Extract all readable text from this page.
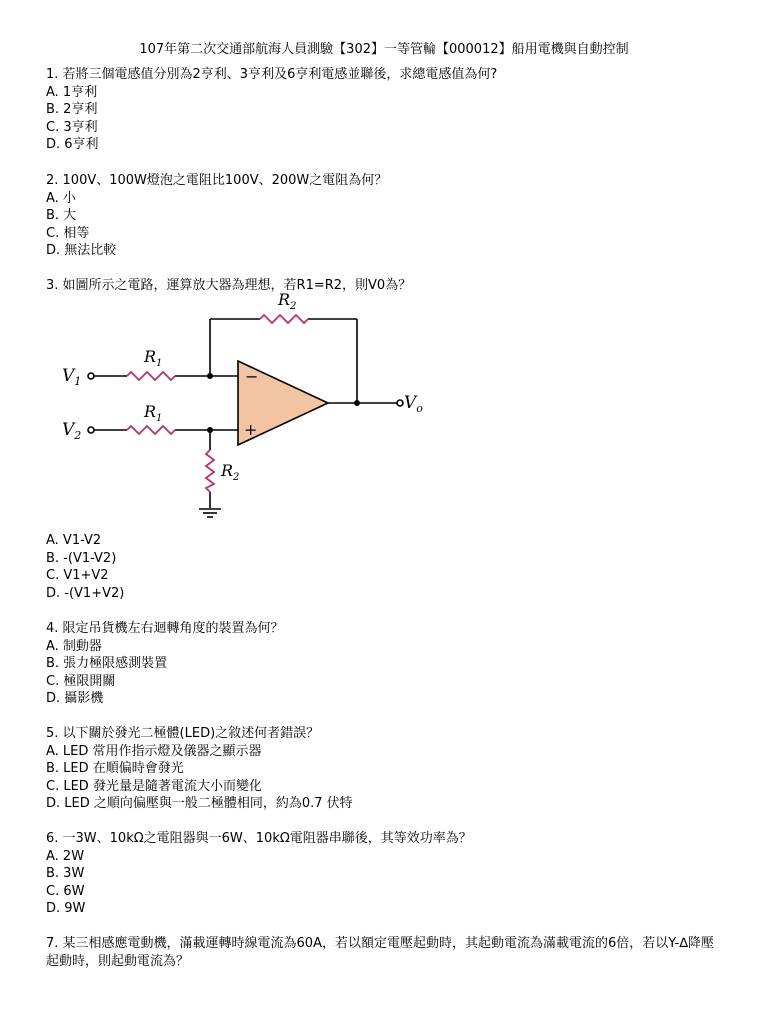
107年第二次交通部航海人員測驗【302】一等管輪【000012】船用電機與自動控制
1. 若將三個電感值分別為2亨利、3亨利及6亨利電感並聯後，求總電感值為何?
A. 1亨利
B. 2亨利
C. 3亨利
D. 6亨利
2. 100V、100W燈泡之電阻比100V、200W之電阻為何？
A. 小
B. 大
C. 相等
D. 無法比較
3. 如圖所示之電路，運算放大器為理想，若R1=R2，則V0為？
$V_1$
$V_2$
$V_o$
$R_1$
$R_1$
$R_2$
$R_2$
−
+
A. V1-V2
B. -(V1-V2)
C. V1+V2
D. -(V1+V2)
4. 限定吊貨機左右迴轉角度的裝置為何？
A. 制動器
B. 張力極限感測裝置
C. 極限開關
D. 攝影機
5. 以下關於發光二極體(LED)之敘述何者錯誤？
A. LED 常用作指示燈及儀器之顯示器
B. LED 在順偏時會發光
C. LED 發光量是隨著電流大小而變化
D. LED 之順向偏壓與一般二極體相同，約為0.7 伏特
6. 一3W、10kΩ之電阻器與一6W、10kΩ電阻器串聯後，其等效功率為？
A. 2W
B. 3W
C. 6W
D. 9W
7. 某三相感應電動機，滿載運轉時線電流為60A，若以額定電壓起動時，其起動電流為滿載電流的6倍，若以Y-∆降壓起動時，則起動電流為？
